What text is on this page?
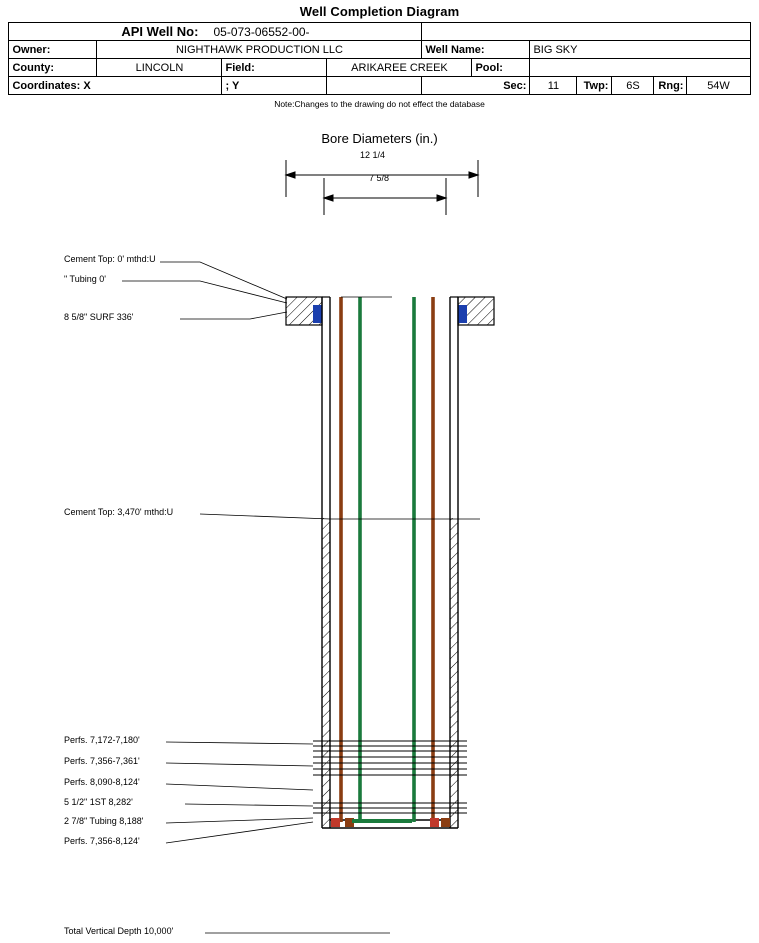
Well Completion Diagram
API Well No: 05-073-06552-00-										
Owner:	NIGHTHAWK PRODUCTION LLC			Well Name:		BIG SKY				
County:	LINCOLN	Field:	ARIKAREE CREEK		Pool:					
Coordinates: X		; Y		Sec:		11	Twp:	6S	Rng:	54W
Note:Changes to the drawing do not effect the database
Bore Diameters (in.)
12 1/4
7 5/8
Cement Top: 0' mthd:U
" Tubing 0'
8 5/8" SURF 336'
Cement Top: 3,470' mthd:U
Perfs. 7,172-7,180'
Perfs. 7,356-7,361'
Perfs. 8,090-8,124'
5 1/2" 1ST 8,282'
2 7/8" Tubing 8,188'
Perfs. 7,356-8,124'
Total Vertical Depth 10,000'
